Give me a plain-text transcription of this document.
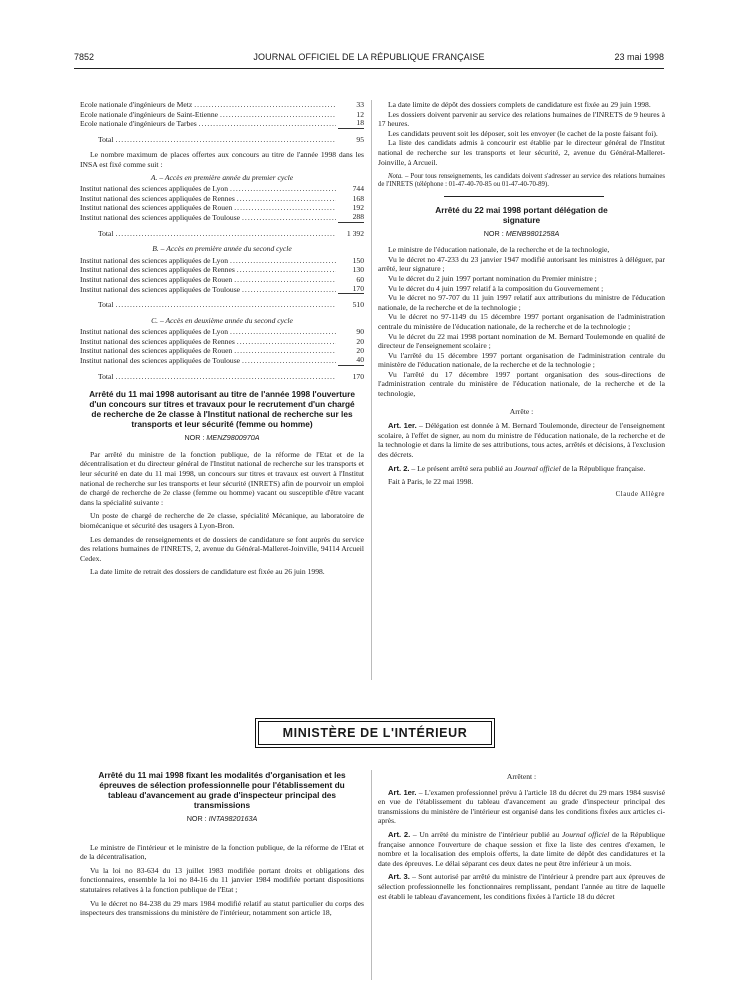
7852	JOURNAL OFFICIEL DE LA RÉPUBLIQUE FRANÇAISE	23 mai 1998
Ecole nationale d'ingénieurs de Metz .....	33
Ecole nationale d'ingénieurs de Saint-Etienne .....	12
Ecole nationale d'ingénieurs de Tarbes .....	18
Total .....	95

Le nombre maximum de places offertes aux concours au titre de l'année 1998 dans les INSA est fixé comme suit :

A. – Accès en première année du premier cycle
Institut national des sciences appliquées de Lyon .....	744
Institut national des sciences appliquées de Rennes .....	168
Institut national des sciences appliquées de Rouen .....	192
Institut national des sciences appliquées de Toulouse .....	288
Total .....	1 392
B. – Accès en première année du second cycle
Institut national des sciences appliquées de Lyon .....	150
Institut national des sciences appliquées de Rennes .....	130
Institut national des sciences appliquées de Rouen .....	60
Institut national des sciences appliquées de Toulouse .....	170
Total .....	510
C. – Accès en deuxième année du second cycle
Institut national des sciences appliquées de Lyon .....	90
Institut national des sciences appliquées de Rennes .....	20
Institut national des sciences appliquées de Rouen .....	20
Institut national des sciences appliquées de Toulouse .....	40
Total .....	170
Arrêté du 11 mai 1998 autorisant au titre de l'année 1998 l'ouverture d'un concours sur titres et travaux pour le recrutement d'un chargé de recherche de 2e classe à l'Institut national de recherche sur les transports et leur sécurité (femme ou homme)
NOR : MENZ9800970A

Par arrêté du ministre de la fonction publique, de la réforme de l'Etat et de la décentralisation et du directeur général de l'Institut national de recherche sur les transports et leur sécurité en date du 11 mai 1998, un concours sur titres et travaux est ouvert à l'Institut national de recherche sur les transports et leur sécurité (INRETS) afin de pourvoir un emploi de chargé de recherche de 2e classe (femme ou homme) vacant ou susceptible d'être vacant dans la spécialité suivante :

Un poste de chargé de recherche de 2e classe, spécialité Mécanique, au laboratoire de biomécanique et sécurité des usagers à Lyon-Bron.

Les demandes de renseignements et de dossiers de candidature se font auprès du service des relations humaines de l'INRETS, 2, avenue du Général-Malleret-Joinville, 94114 Arcueil Cedex.

La date limite de retrait des dossiers de candidature est fixée au 26 juin 1998.

La date limite de dépôt des dossiers complets de candidature est fixée au 29 juin 1998.

Les dossiers doivent parvenir au service des relations humaines de l'INRETS de 9 heures à 17 heures.

Les candidats peuvent soit les déposer, soit les envoyer (le cachet de la poste faisant foi).

La liste des candidats admis à concourir est établie par le directeur général de l'Institut national de recherche sur les transports et leur sécurité, 2, avenue du Général-Malleret-Joinville, à Arcueil.

Nota. – Pour tous renseignements, les candidats doivent s'adresser au service des relations humaines de l'INRETS (téléphone : 01-47-40-70-85 ou 01-47-40-70-89).

Arrêté du 22 mai 1998 portant délégation de signature
NOR : MENB9801258A

Le ministre de l'éducation nationale, de la recherche et de la technologie,

Vu le décret no 47-233 du 23 janvier 1947 modifié autorisant les ministres à déléguer, par arrêté, leur signature ;

Vu le décret du 2 juin 1997 portant nomination du Premier ministre ;

Vu le décret du 4 juin 1997 relatif à la composition du Gouvernement ;

Vu le décret no 97-707 du 11 juin 1997 relatif aux attributions du ministre de l'éducation nationale, de la recherche et de la technologie ;

Vu le décret no 97-1149 du 15 décembre 1997 portant organisation de l'administration centrale du ministère de l'éducation nationale, de la recherche et de la technologie ;

Vu le décret du 22 mai 1998 portant nomination de M. Bernard Toulemonde en qualité de directeur de l'enseignement scolaire ;

Vu l'arrêté du 15 décembre 1997 portant organisation de l'administration centrale du ministère de l'éducation nationale, de la recherche et de la technologie ;

Vu l'arrêté du 17 décembre 1997 portant organisation des sous-directions de l'administration centrale du ministère de l'éducation nationale, de la recherche et de la technologie,

Arrête :

Art. 1er. – Délégation est donnée à M. Bernard Toulemonde, directeur de l'enseignement scolaire, à l'effet de signer, au nom du ministre de l'éducation nationale, de la recherche et de la technologie et dans la limite de ses attributions, tous actes, arrêtés et décisions, à l'exclusion des décrets.

Art. 2. – Le présent arrêté sera publié au Journal officiel de la République française.

Fait à Paris, le 22 mai 1998.

Claude Allègre
MINISTÈRE DE L'INTÉRIEUR
Arrêté du 11 mai 1998 fixant les modalités d'organisation et les épreuves de sélection professionnelle pour l'établissement du tableau d'avancement au grade d'inspecteur principal des transmissions
NOR : INTA9820163A

Le ministre de l'intérieur et le ministre de la fonction publique, de la réforme de l'Etat et de la décentralisation,

Vu la loi no 83-634 du 13 juillet 1983 modifiée portant droits et obligations des fonctionnaires, ensemble la loi no 84-16 du 11 janvier 1984 modifiée portant dispositions statutaires relatives à la fonction publique de l'Etat ;

Vu le décret no 84-238 du 29 mars 1984 modifié relatif au statut particulier du corps des inspecteurs des transmissions du ministère de l'intérieur, notamment son article 18,

Arrêtent :

Art. 1er. – L'examen professionnel prévu à l'article 18 du décret du 29 mars 1984 susvisé en vue de l'établissement du tableau d'avancement au grade d'inspecteur principal des transmissions du ministère de l'intérieur est organisé dans les conditions fixées aux articles ci-après.

Art. 2. – Un arrêté du ministre de l'intérieur publié au Journal officiel de la République française annonce l'ouverture de chaque session et fixe la liste des centres d'examen, le nombre et la localisation des emplois offerts, la date limite de dépôt des candidatures et la date des épreuves. Le délai séparant ces deux dates ne peut être inférieur à un mois.

Art. 3. – Sont autorisé par arrêté du ministre de l'intérieur à prendre part aux épreuves de sélection professionnelle les fonctionnaires remplissant, pendant l'année au titre de laquelle est établi le tableau d'avancement, les conditions fixées à l'article 18 du décret
